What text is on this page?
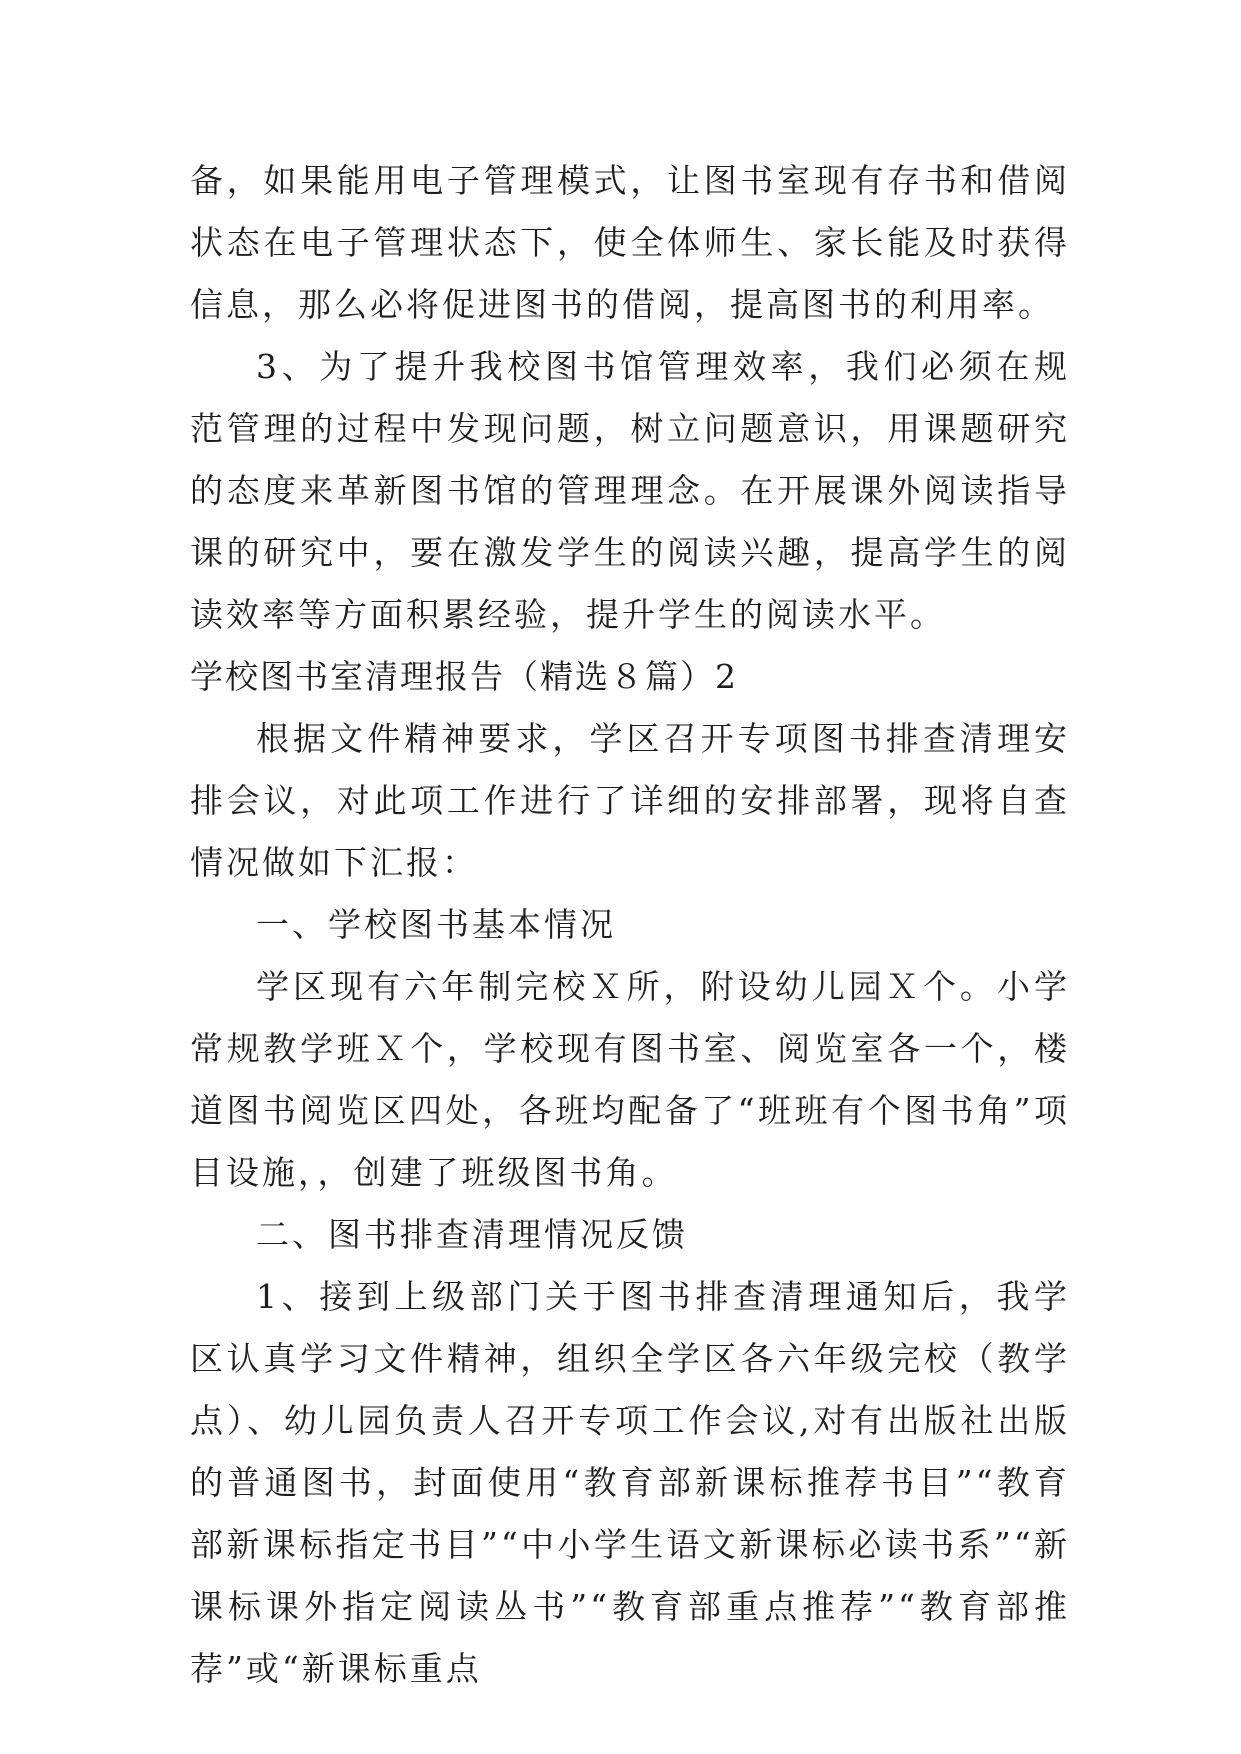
备，如果能用电子管理模式，让图书室现有存书和借阅状态在电子管理状态下，使全体师生、家长能及时获得信息，那么必将促进图书的借阅，提高图书的利用率。

3、为了提升我校图书馆管理效率，我们必须在规范管理的过程中发现问题，树立问题意识，用课题研究的态度来革新图书馆的管理理念。在开展课外阅读指导课的研究中，要在激发学生的阅读兴趣，提高学生的阅读效率等方面积累经验，提升学生的阅读水平。

学校图书室清理报告（精选８篇）2

根据文件精神要求，学区召开专项图书排查清理安排会议，对此项工作进行了详细的安排部署，现将自查情况做如下汇报：

一、学校图书基本情况

学区现有六年制完校Ｘ所，附设幼儿园Ｘ个。小学常规教学班Ｘ个，学校现有图书室、阅览室各一个，楼道图书阅览区四处，各班均配备了“班班有个图书角”项目设施，，创建了班级图书角。

二、图书排查清理情况反馈

1、接到上级部门关于图书排查清理通知后，我学区认真学习文件精神，组织全学区各六年级完校（教学点）、幼儿园负责人召开专项工作会议,对有出版社出版的普通图书，封面使用“教育部新课标推荐书目”“教育部新课标指定书目”“中小学生语文新课标必读书系”“新课标课外指定阅读丛书”“教育部重点推荐”“教育部推荐”或“新课标重点
